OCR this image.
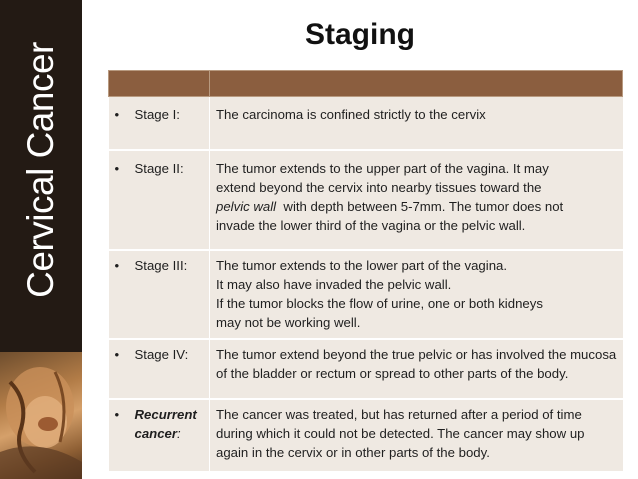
Cervical Cancer
Staging

• Stage I:	The carcinoma is confined strictly to the cervix
• Stage II:	The tumor extends to the upper part of the vagina. It may
extend beyond the cervix into nearby tissues toward the
pelvic wall  with depth between 5-7mm. The tumor does not
invade the lower third of the vagina or the pelvic wall.

• Stage III:	The tumor extends to the lower part of the vagina.
It may also have invaded the pelvic wall.
If the tumor blocks the flow of urine, one or both kidneys
may not be working well.

• Stage IV:	The tumor extend beyond the true pelvic or has involved the mucosa of the bladder or rectum or spread to other parts of the body.

• Recurrent
cancer:	The cancer was treated, but has returned after a period of time during which it could not be detected. The cancer may show up again in the cervix or in other parts of the body.
